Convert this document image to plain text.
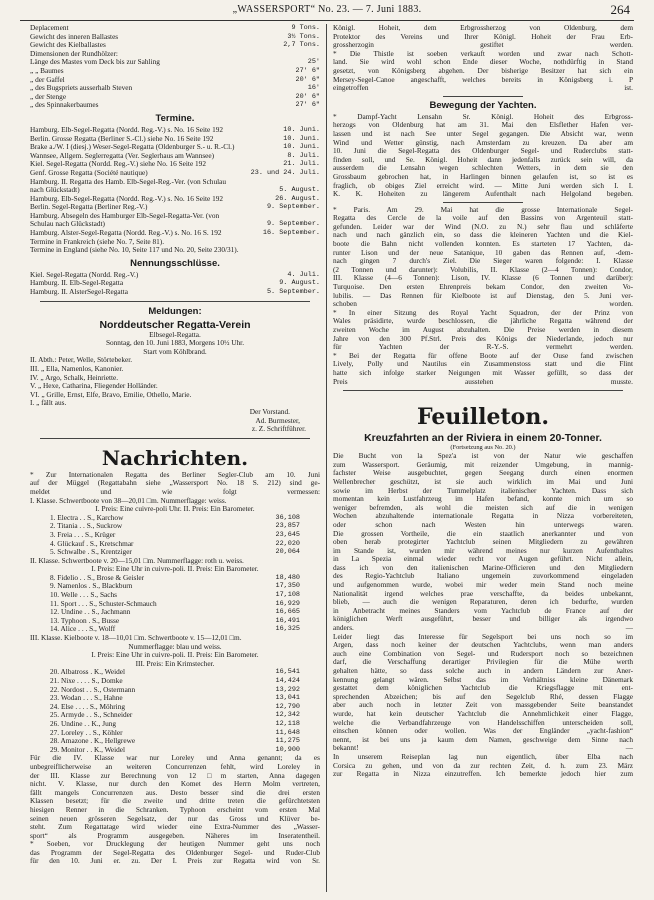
„WASSERSPORT“ No. 23. — 7. Juni 1883.	264
Deplacement	9 Tons.
Gewicht des inneren Ballastes	3½ Tons.
Gewicht des Kielballastes	2,7 Tons.
Dimensionen der Rundhölzer:
Länge des Mastes vom Deck bis zur Sahling	25'
„ „ Baumes	27' 6"
„ der Gaffel	20' 6"
„ des Bugspriets ausserhalb Steven	16'
„ der Stenge	20' 6"
„ des Spinnakerbaumes	27' 6"
Termine.
Hamburg. Elb-Segel-Regatta (Nordd. Reg.-V.) s. No. 16 Seite 192	10. Juni.
Berlin. Grosse Regatta (Berliner S.-Cl.) siehe No. 16 Seite 192	10. Juni.
Brake a./W. I (diesj.) Weser-Segel-Regatta (Oldenburger S.- u. R.-Cl.)	10. Juni.
Wannsee, Allgem. Seglerregatta (Ver. Seglerhaus am Wannsee)	8. Juli.
Kiel. Segel-Regatta (Nordd. Reg.-V.) siehe No. 16 Seite 192	21. Juli.
Genf. Grosse Regatta (Société nautique)	23. und 24. Juli.
Hamburg. II. Regatta des Hamb. Elb-Segel-Reg.-Ver. (von Schulau
nach Glückstadt)	5. August.
Hamburg. Elb-Segel-Regatta (Nordd. Reg.-V.) s. No. 16 Seite 192	26. August.
Berlin. Segel-Regatta (Berliner Reg.-V.)	9. September.
Hamburg. Absegeln des Hamburger Elb-Segel-Regatta-Ver. (von
Schulau nach Glückstadt)	9. September.
Hamburg. Alster-Segel-Regatta (Nordd. Reg.-V.) s. No. 16 S. 192	16. September.
Termine in Frankreich (siehe No. 7, Seite 81).
Termine in England (siehe No. 10, Seite 117 und No. 20, Seite 230/31).
Nennungsschlüsse.
Kiel. Segel-Regatta (Nordd. Reg.-V.)	4. Juli.
Hamburg. II. Elb-Segel-Regatta	9. August.
Hamburg. II. AlsterSegel-Regatta	5. September.
Meldungen:
Norddeutscher Regatta-Verein
Elbsegel-Regatta.
Sonntag, den 10. Juni 1883, Morgens 10½ Uhr.
Start vom Köhlbrand.
II. Abth.: Peter, Welle, Störtebeker.
III. „ Ella, Namenlos, Kanonier.
IV. „ Argo, Schalk, Heinriette.
V. „ Hexe, Catharina, Fliegender Holländer.
VI. „ Grille, Ernst, Elfe, Bravo, Emilie, Othello, Marie.
I. „ fällt aus.
Der Vorstand.
Ad. Burmester,
z. Z. Schriftführer.
Nachrichten.
* Zur Internationalen Regatta des Berliner Segler-Club am 10. Juni
auf der Müggel (Regattabahn siehe „Wassersport No. 18 S. 212) sind ge-
meldet und wie folgt vermessen:
I. Klasse. Schwertboote von 38—20,01 □m. Nummerflagge: weiss.
I. Preis: Eine cuivre-poli Uhr. II. Preis: Ein Barometer.
1. Electra . . S., Karchow	36,108
2. Titania . . S., Suckrow	23,857
3. Freia . . . S., Krüger	23,645
4. Glückauf . S., Kretschmar	22,020
5. Schwalbe . S., Krentziger	20,064
II. Klasse. Schwertboote v. 20—15,01 □m. Nummerflagge: roth u. weiss.
I. Preis: Eine Uhr in cuivre-poli. II. Preis: Ein Barometer.
8. Fidelio . . S., Brose & Geisler	18,480
9. Namenlos . S., Blackburn	17,350
10. Welle . . . S., Sachs	17,108
11. Sport . . . S., Schuster-Schmauch	16,929
12. Undine . . S., Jachmann	16,665
13. Typhoon . S., Busse	16,491
14. Alice . . . S., Wolff	16,325
III. Klasse. Kielboote v. 18—10,01 □m. Schwertboote v. 15—12,01 □m.
Nummerflagge: blau und weiss.
I. Preis: Eine Uhr in cuivre-poli. II. Preis: Ein Barometer.
III. Preis: Ein Krimstecher.
20. Albatross . K., Weidel	16,541
21. Nixe . . . . S., Domke	14,424
22. Nordost . . S., Ostermann	13,292
23. Wodan . . . S., Hahne	13,041
24. Else . . . . S., Möhring	12,790
25. Armyde . . S., Schneider	12,342
26. Undine . . K., Jung	12,118
27. Loreley . . S., Köhler	11,648
28. Amazone . K., Hellgrewe	11,275
29. Monitor . . K., Weidel	10,900
Für die IV. Klasse war nur Loreley und Anna genannt; da es
unbegreiflicherweise an weiteren Concurrenzen fehlt, wird Loreley in
der III. Klasse zur Berechnung von 12 □m starten, Anna dagegen
nicht. V. Klasse, nur durch den Komet des Herrn Molm vertreten,
fällt mangels Concurrenzen aus. Desto besser sind die drei ersten
Klassen besetzt; für die zweite und dritte treten die gefürchtetsten
hiesigen Renner in die Schranken. Typhoon erscheint vom ersten Mal
seinen neuen grösseren Segelsatz, der nur das Gross und Klüver be-
steht. Zum Regattatage wird wieder eine Extra-Nummer des „Wasser-
sport“ als Programm ausgegeben. Näheres im Inseratentheil.
* Soeben, vor Drucklegung der heutigen Nummer geht uns noch
das Programm der Segel-Regatta des Oldenburger Segel- und Ruder-Club
für den 10. Juni er. zu. Der I. Preis zur Regatta wird von Sr.
Königl. Hoheit, dem Erbgrossherzog von Oldenburg, dem
Protektor des Vereins und Ihrer Königl. Hoheit der Frau Erb-
grossherzogin gestiftet werden.
* Die Thistle ist soeben verkauft worden und zwar nach Schott-
land. Sie wird wohl schon Ende dieser Woche, nothdürftig in Stand
gesetzt, von Königsberg abgehen. Der bisherige Besitzer hat sich ein
Mersey-Segel-Canoe angeschafft, welches bereits in Königsberg i. P
eingetroffen ist.
Bewegung der Yachten.
* Dampf-Yacht Lensahn Sr. Königl. Hoheit des Erbgross-
herzogs von Oldenburg hat am 31. Mai den Elsflether Hafen ver-
lassen und ist nach See unter Segel gegangen. Die Absicht war, wenn
Wind und Wetter günstig, nach Amsterdam zu kreuzen. Da aber am
10. Juni die Segel-Regatta des Oldenburger Segel- und Ruderclubs statt-
finden soll, und Se. Königl. Hoheit dann jedenfalls zurück sein will, da
ausserdem die Lensahn wegen schlechten Wetters, in dem sie den
Grossbaum gebrochen hat, in Harlingen binnen gelaufen ist, so ist es
fraglich, ob obiges Ziel erreicht wird. — Mitte Juni werden sich I. I.
K. K. Hoheiten zu längerem Aufenthalt nach Helgoland begeben.
* Paris. Am 29. Mai hat die grosse Internationale Segel-
Regatta des Cercle de la voile auf den Bassins von Argenteuil statt-
gefunden. Leider war der Wind (N.O. zu N.) sehr flau und schläferte
nach und nach gänzlich ein, so dass die kleineren Yachten und die Kiel-
boote die Bahn nicht vollenden konnten. Es starteten 17 Yachten, da-
runter Lison und der neue Satanique, 10 gaben das Rennen auf, -dem-
nach gingen 7 durch's Ziel. Die Sieger waren folgende: I. Klasse
(2 Tonnen und darunter): Volubilis, II. Klasse (2—4 Tonnen): Condor,
III. Klasse (4—6 Tonnen): Lison, IV. Klasse (6 Tonnen und darüber):
Turquoise. Den ersten Ehrenpreis bekam Condor, den zweiten Vo-
lubilis. — Das Rennen für Kielboote ist auf Dienstag, den 5. Juni ver-
schoben worden.
* In einer Sitzung des Royal Yacht Squadron, der der Prinz von
Wales präsidirte, wurde beschlossen, die jährliche Regatta während der
zweiten Woche im August abzuhalten. Die Preise werden in diesem
Jahre von den 300 Pf.Strl. Preis des Königs der Niederlande, jedoch nur
für Yachten der R-Y.-S. vermehrt werden.
* Bei der Regatta für offene Boote auf der Ouse fand zwischen
Lively, Polly und Nautilus ein Zusammenstoss statt und die Flint
hatte sich infolge starker Neigungen mit Wasser gefüllt, so dass der
Preis ausstehen musste.
Feuilleton.
Kreuzfahrten an der Riviera in einem 20-Tonner.
(Fortsetzung aus No. 20.)
Die Bucht von la Spez'a ist von der Natur wie geschaffen
zum Wassersport. Geräumig, mit reizender Umgebung, in mannig-
fachster Weise ausgebuchtet, gegen Seegang durch einen enormen
Wellenbrecher geschützt, ist sie auch wirklich im Mai und Juni
sowie im Herbst der Tummelplatz italienischer Yachten. Dass sich
momentan kein Lustfahrzeug im Hafen befand, konnte mich um so
weniger befremden, als wohl die meisten sich auf die in wenigen
Wochen abzuhaltende internationale Regatta in Nizza vorbereiteten,
oder schon nach Westen hin unterwegs waren.
Die grossen Vortheile, die ein staatlich anerkannter und von
oben herab protegirter Yachtclub seinen Mitgliedern zu gewähren
im Stande ist, wurden mir während meines nur kurzen Aufenthaltes
in La Spezia einmal wieder recht vor Augen geführt. Nicht allein,
dass ich von den italienischen Marine-Officieren und den Mitgliedern
des Regio-Yachtclub Italiano ungemein zuvorkommend eingeladen
und aufgenommen wurde, wobei mir weder mein Stand noch meine
Nationalität irgend welches prae verschaffte, da beides unbekannt,
blieb, — auch die wenigen Reparaturen, deren ich bedurfte, wurden
in Anbetracht meines Standers vom Yachtclub de France auf der
königlichen Werft ausgeführt, besser und billiger als irgendwo
anders. —
Leider liegt das Interesse für Segelsport bei uns noch so im
Argen, dass noch keiner der deutschen Yachtclubs, wenn man anders
auch eine Combination von Segel- und Rudersport noch so bezeichnen
darf, die Verschaffung derartiger Privilegien für die Mühe werth
gehalten hätte, so dass solche auch in andern Ländern zur Aner-
kennung gelangt wären. Selbst das im Verhältniss kleine Dänemark
gestattet dem königlichen Yachtclub die Kriegsflagge mit ent-
sprechenden Abzeichen; bis auf den Segelclub Rhé, dessen Flagge
aber auch noch in letzter Zeit von massgebender Seite beanstandet
wurde, hat kein deutscher Yachtclub die Annehmlichkeit einer Flagge,
welche die Verbandfahrzeuge von Handelsschiffen unterscheiden soll,
einschen können oder wollen. Was der Engländer „yacht-fashion“
nennt, ist bei uns ja kaum dem Namen, geschweige dem Sinne nach
bekannt! —
In unserem Reiseplan lag nun eigentlich, über Elba nach
Corsica zu gehen, und von da zur rechten Zeit, d. h. zum 23. März
zur Regatta in Nizza einzutreffen. Ich bemerkte jedoch hier zum
